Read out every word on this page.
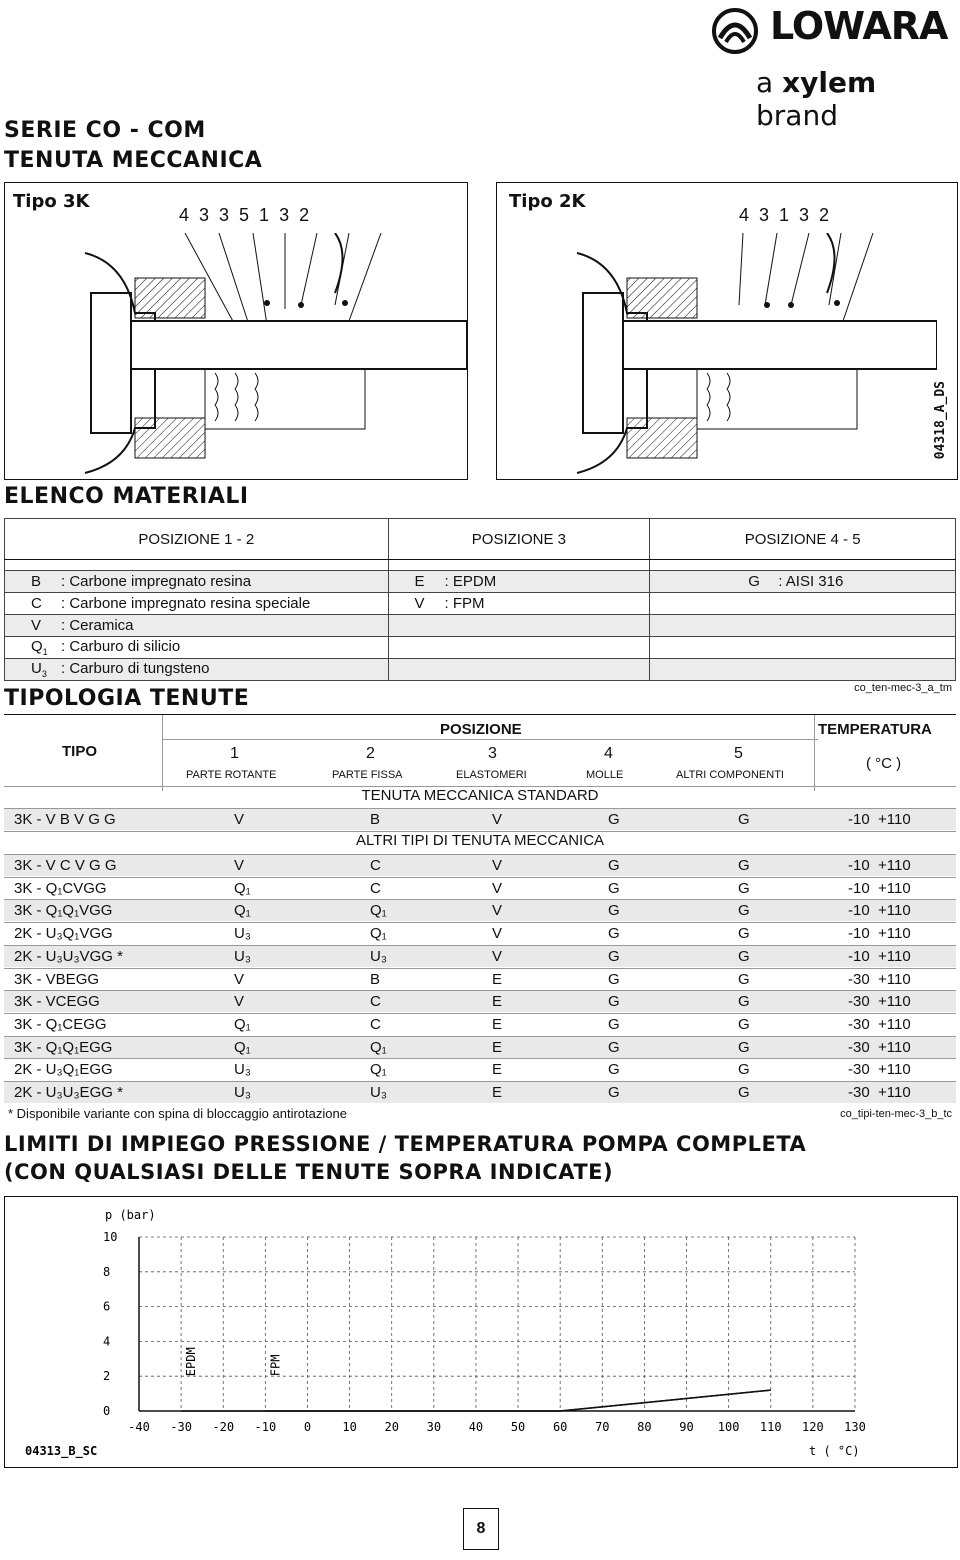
LOWARA
a xylem brand
SERIE CO - COM
TENUTA MECCANICA
Tipo 3K
4  3  3  5  1  3  2
Tipo 2K
4  3  1  3  2
04318_A_DS
ELENCO MATERIALI
POSIZIONE 1 - 2	POSIZIONE 3	POSIZIONE 4 - 5

B : Carbone impregnato resina	E : EPDM	G : AISI 316
C : Carbone impregnato resina speciale	V : FPM	
V : Ceramica		
$Q_1$ : Carburo di silicio		
$U_3$ : Carburo di tungsteno		
TIPOLOGIA TENUTE	co_ten-mec-3_a_tm
TIPO
POSIZIONE	TEMPERATURA
( °C )
1	2	3	4	5
PARTE ROTANTE	PARTE FISSA	ELASTOMERI	MOLLE	ALTRI COMPONENTI
TENUTA MECCANICA STANDARD
3K - V B V G G	V	B	V	G	G	-10  +110
ALTRI TIPI DI TENUTA MECCANICA
* Disponibile variante con spina di bloccaggio antirotazione	co_tipi-ten-mec-3_b_tc
LIMITI DI IMPIEGO PRESSIONE / TEMPERATURA POMPA COMPLETA
(CON QUALSIASI DELLE TENUTE SOPRA INDICATE)
-40 -30 -20 -10 0	10 20 30 40 50 60 70 80 90 100 110 120 130
0
2
4
6
8
10
EPDM	FPM
p (bar)
t ( °C)
04313_B_SC
8
3K - V C V G G	V	C	V	G	G	-10  +110
3K - Q₁CVGG	Q₁	C	V	G	G	-10  +110
3K - Q₁Q₁VGG	Q₁	Q₁	V	G	G	-10  +110
2K - U₃Q₁VGG	U₃	Q₁	V	G	G	-10  +110
2K - U₃U₃VGG *	U₃	U₃	V	G	G	-10  +110
3K - VBEGG	V	B	E	G	G	-30  +110
3K - VCEGG	V	C	E	G	G	-30  +110
3K - Q₁CEGG	Q₁	C	E	G	G	-30  +110
3K - Q₁Q₁EGG	Q₁	Q₁	E	G	G	-30  +110
2K - U₃Q₁EGG	U₃	Q₁	E	G	G	-30  +110
2K - U₃U₃EGG *	U₃	U₃	E	G	G	-30  +110
